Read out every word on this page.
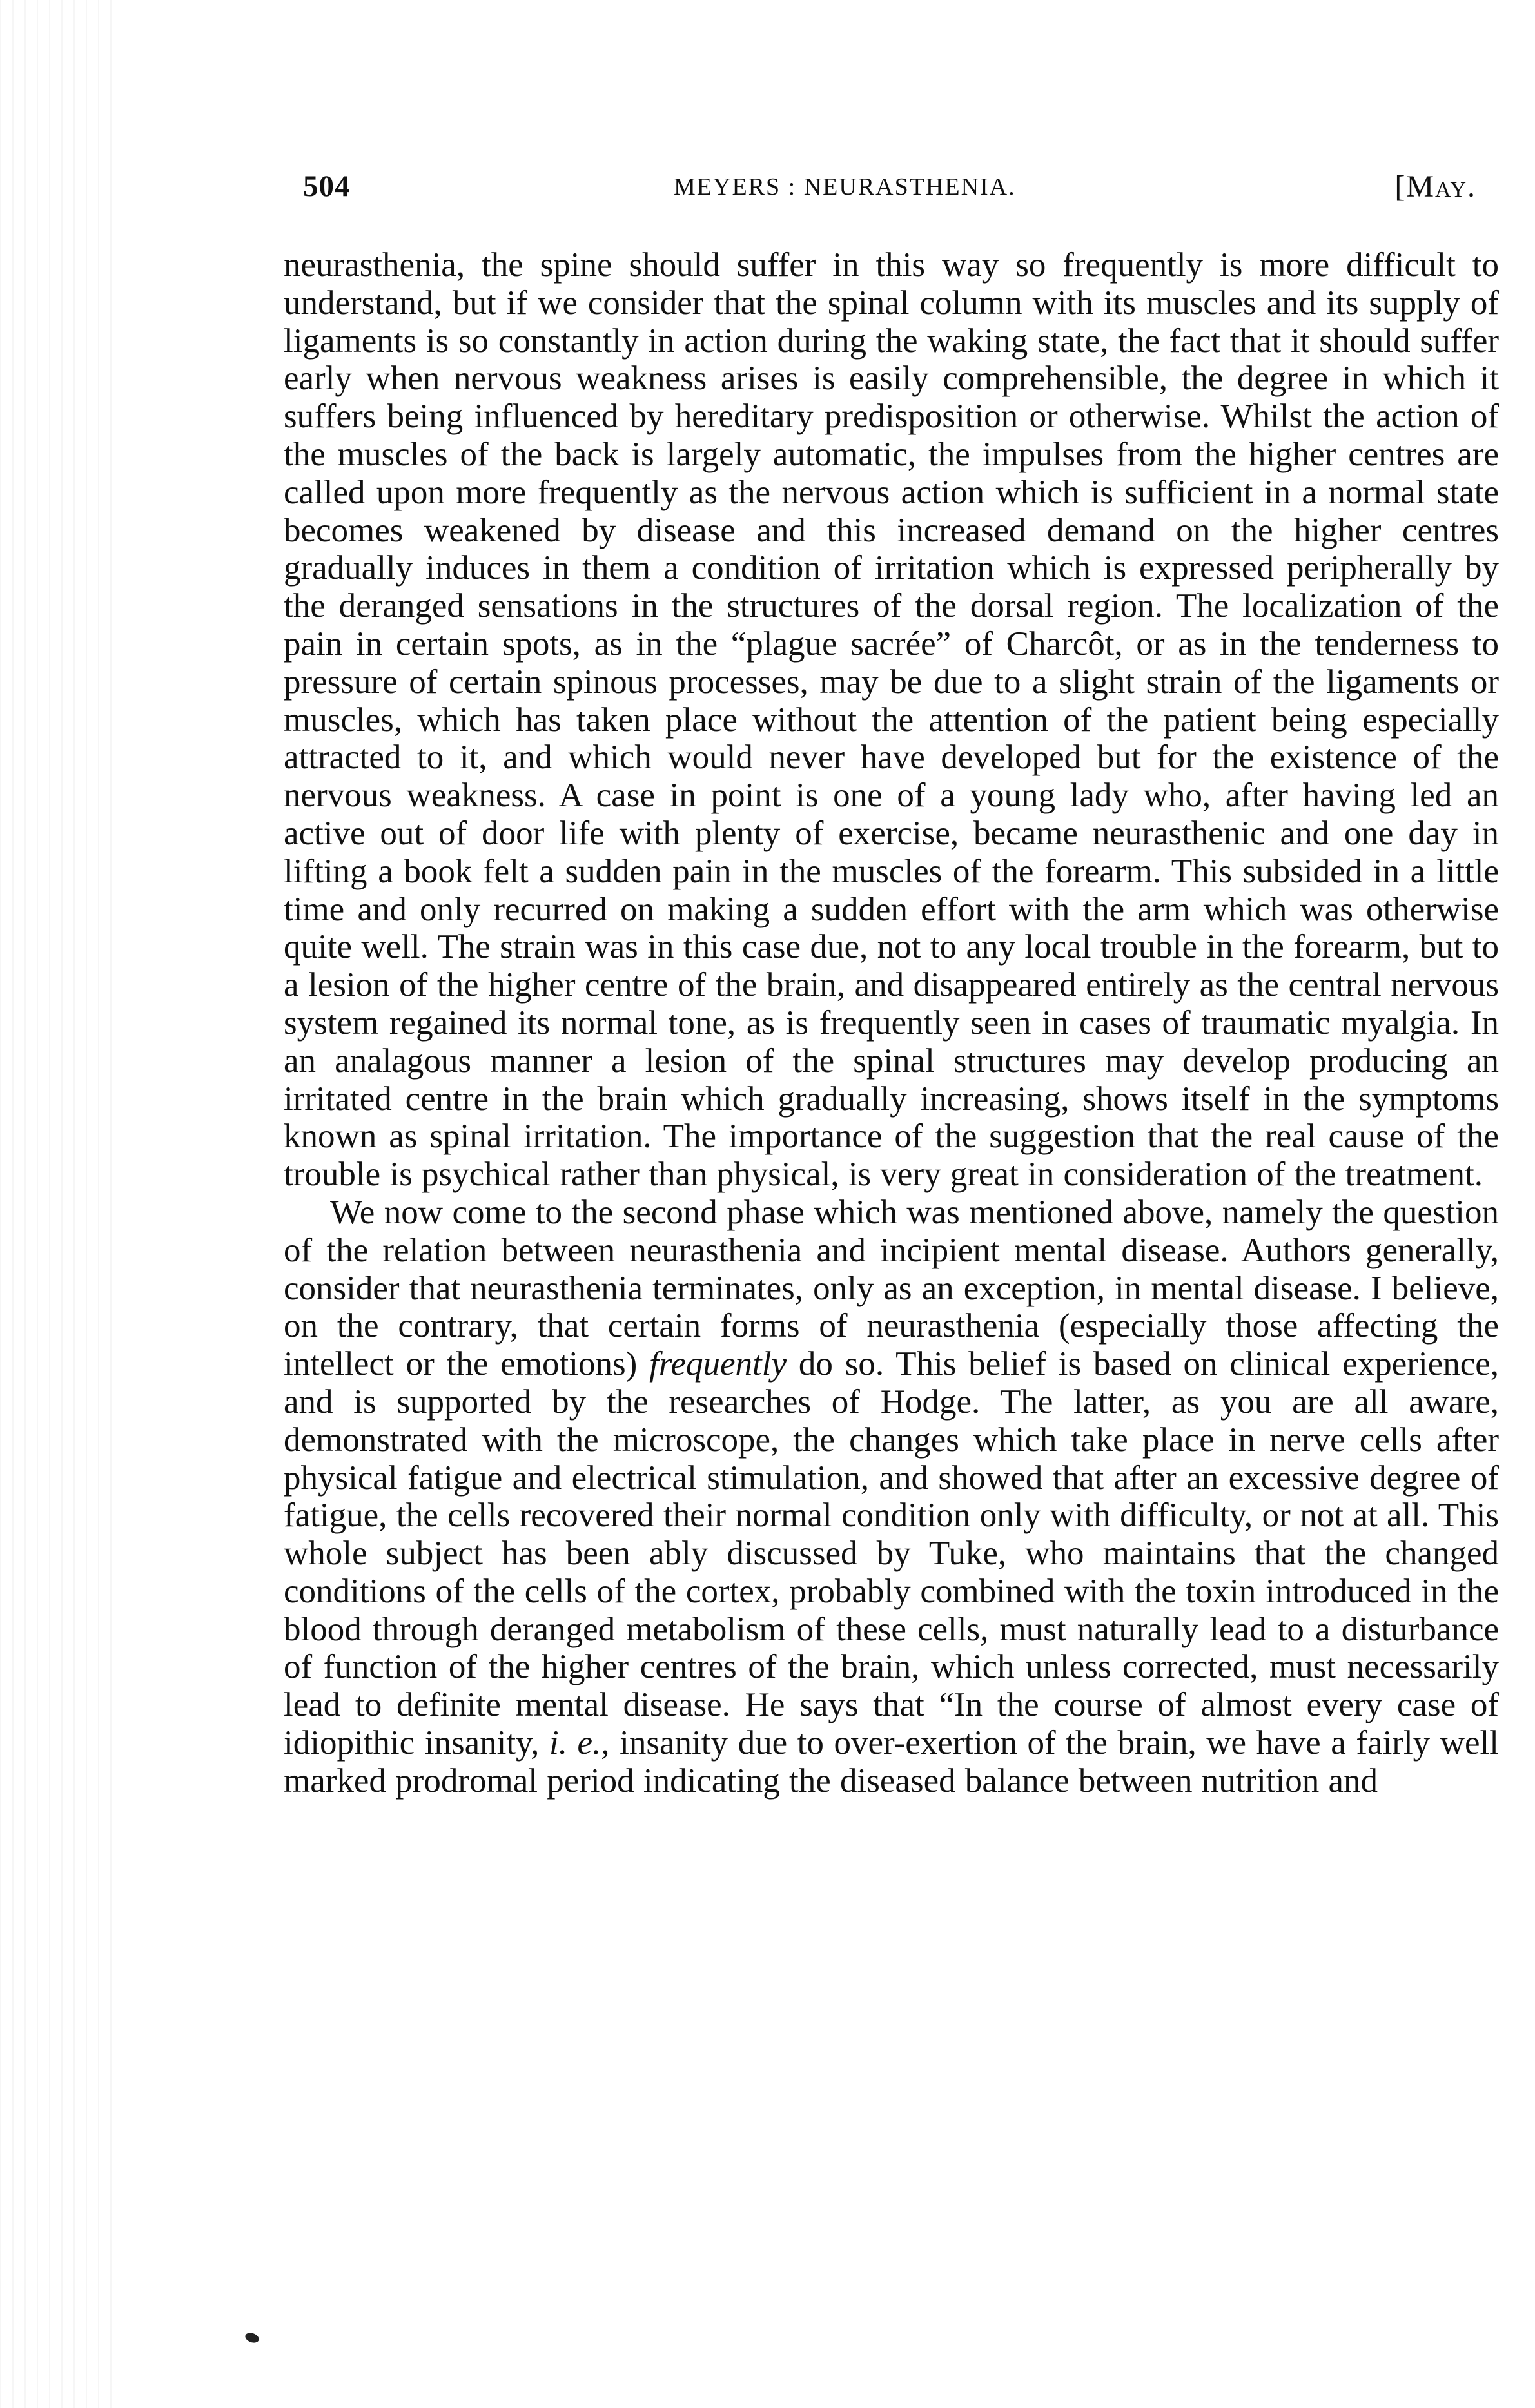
504	MEYERS : NEURASTHENIA.	[May.

neurasthenia, the spine should suffer in this way so frequently is more difficult to understand, but if we consider that the spinal column with its muscles and its supply of ligaments is so constantly in action during the waking state, the fact that it should suffer early when nervous weakness arises is easily comprehensible, the degree in which it suffers being influenced by hereditary predisposition or otherwise. Whilst the action of the muscles of the back is largely automatic, the impulses from the higher centres are called upon more frequently as the nervous action which is sufficient in a normal state becomes weakened by disease and this increased demand on the higher centres gradually induces in them a condition of irritation which is expressed peripherally by the deranged sensations in the structures of the dorsal region. The localization of the pain in certain spots, as in the “plague sacrée” of Charcôt, or as in the tenderness to pressure of certain spinous processes, may be due to a slight strain of the ligaments or muscles, which has taken place without the attention of the patient being especially attracted to it, and which would never have developed but for the existence of the nervous weakness. A case in point is one of a young lady who, after having led an active out of door life with plenty of exercise, became neurasthenic and one day in lifting a book felt a sudden pain in the muscles of the forearm. This subsided in a little time and only recurred on making a sudden effort with the arm which was otherwise quite well. The strain was in this case due, not to any local trouble in the forearm, but to a lesion of the higher centre of the brain, and disappeared entirely as the central nervous system regained its normal tone, as is frequently seen in cases of traumatic myalgia. In an analagous manner a lesion of the spinal structures may develop producing an irritated centre in the brain which gradually increasing, shows itself in the symptoms known as spinal irritation. The importance of the suggestion that the real cause of the trouble is psychical rather than physical, is very great in consideration of the treatment.

We now come to the second phase which was mentioned above, namely the question of the relation between neurasthenia and incipient mental disease. Authors generally, consider that neurasthenia terminates, only as an exception, in mental disease. I believe, on the contrary, that certain forms of neurasthenia (especially those affecting the intellect or the emotions) frequently do so. This belief is based on clinical experience, and is supported by the researches of Hodge. The latter, as you are all aware, demonstrated with the microscope, the changes which take place in nerve cells after physical fatigue and electrical stimulation, and showed that after an excessive degree of fatigue, the cells recovered their normal condition only with difficulty, or not at all. This whole subject has been ably discussed by Tuke, who maintains that the changed conditions of the cells of the cortex, probably combined with the toxin introduced in the blood through deranged metabolism of these cells, must naturally lead to a disturbance of function of the higher centres of the brain, which unless corrected, must necessarily lead to definite mental disease. He says that “In the course of almost every case of idiopithic insanity, i. e., insanity due to over-exertion of the brain, we have a fairly well marked prodromal period indicating the diseased balance between nutrition and
